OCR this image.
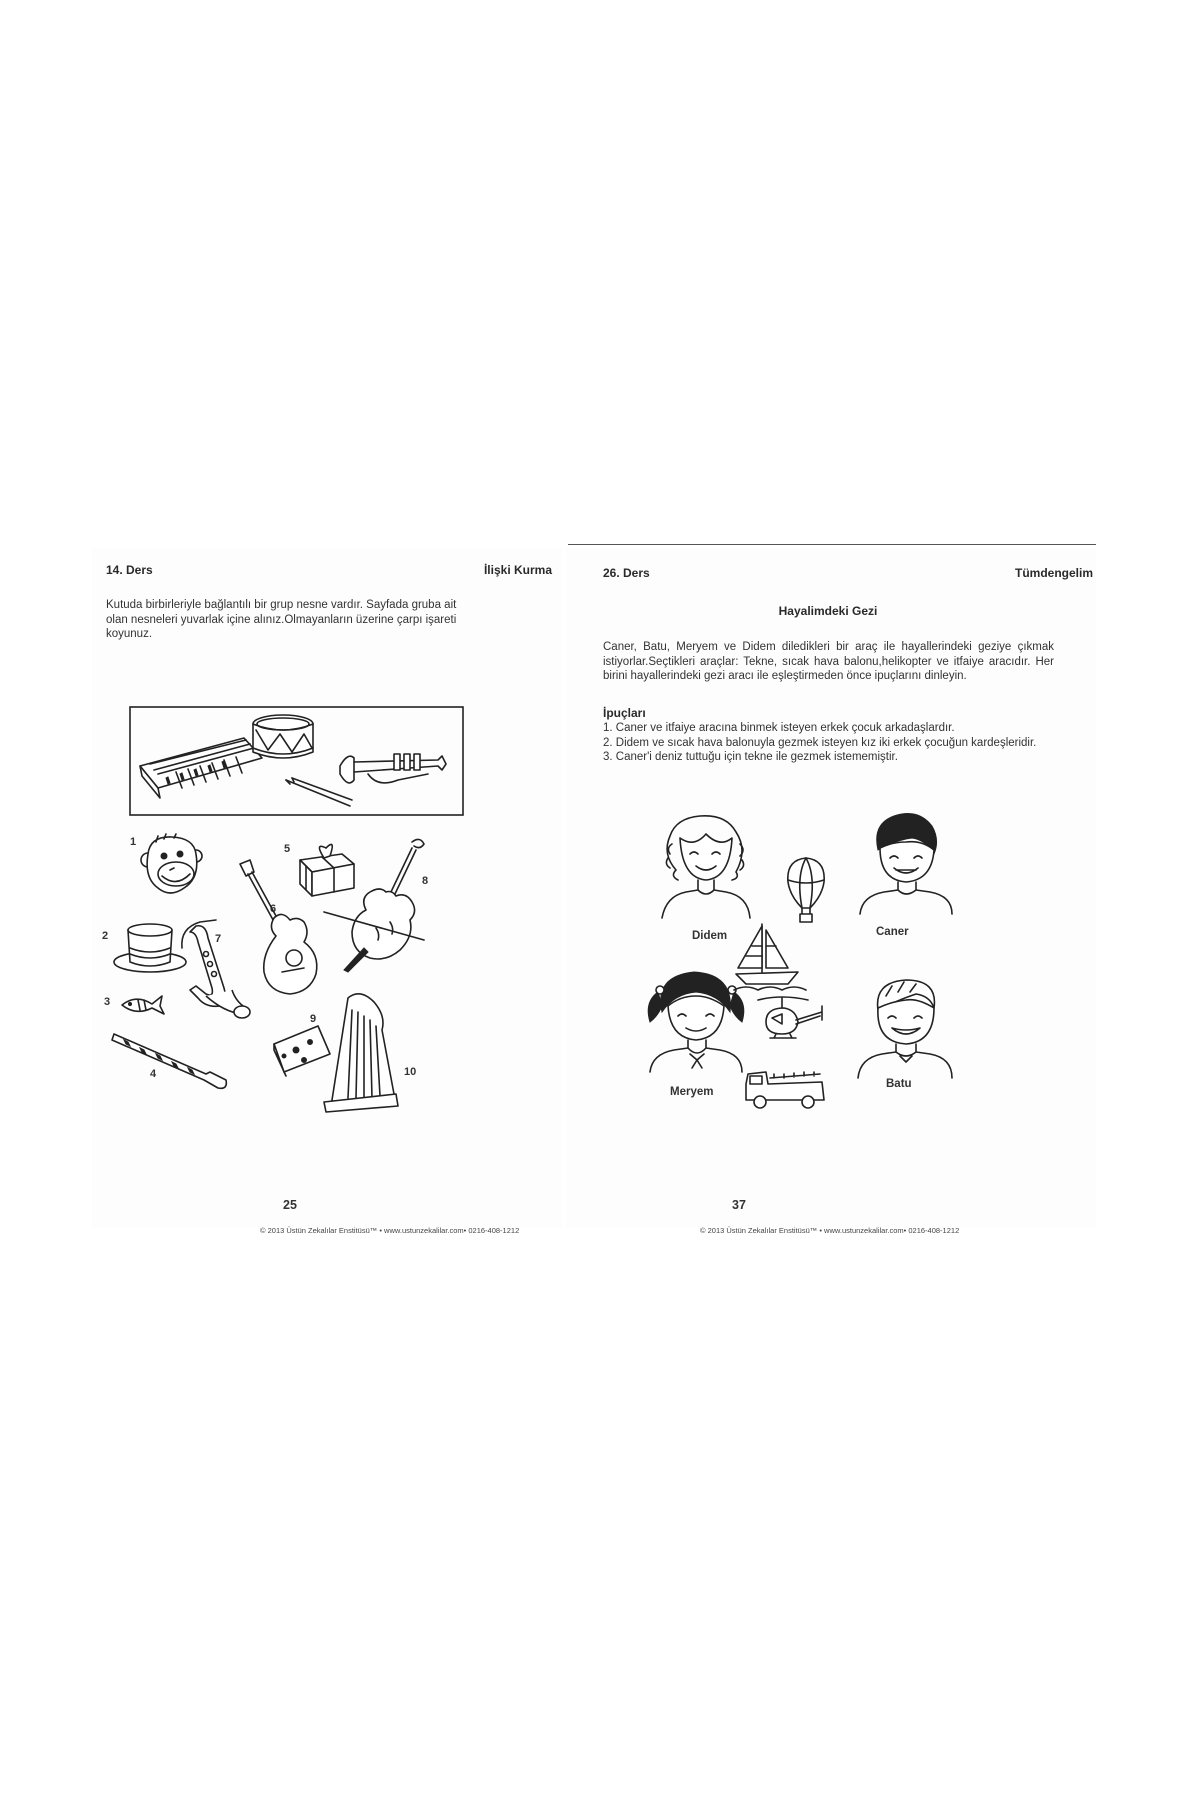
14. Ders	İlişki Kurma

Kutuda birbirleriyle bağlantılı bir grup nesne vardır. Sayfada gruba ait olan nesneleri yuvarlak içine alınız.Olmayanların üzerine çarpı işareti koyunuz.

1
2
3
4
5
6
7
8
9
10
25
© 2013 Üstün Zekalılar Enstitüsü™ • www.ustunzekalilar.com• 0216-408-1212
26. Ders	Tümdengelim
Hayalimdeki Gezi

Caner, Batu, Meryem ve Didem diledikleri bir araç ile hayallerindeki geziye çıkmak istiyorlar.Seçtikleri araçlar: Tekne, sıcak hava balonu,helikopter ve itfaiye aracıdır. Her birini hayallerindeki gezi aracı ile eşleştirmeden önce ipuçlarını dinleyin.

İpuçları
1. Caner ve itfaiye aracına binmek isteyen erkek çocuk arkadaşlardır.
2. Didem ve sıcak hava balonuyla gezmek isteyen kız iki erkek çocuğun kardeşleridir.
3. Caner'i deniz tuttuğu için tekne ile gezmek istememiştir.
Didem	Caner
Meryem
Batu
37
© 2013 Üstün Zekalılar Enstitüsü™ • www.ustunzekalilar.com• 0216-408-1212
